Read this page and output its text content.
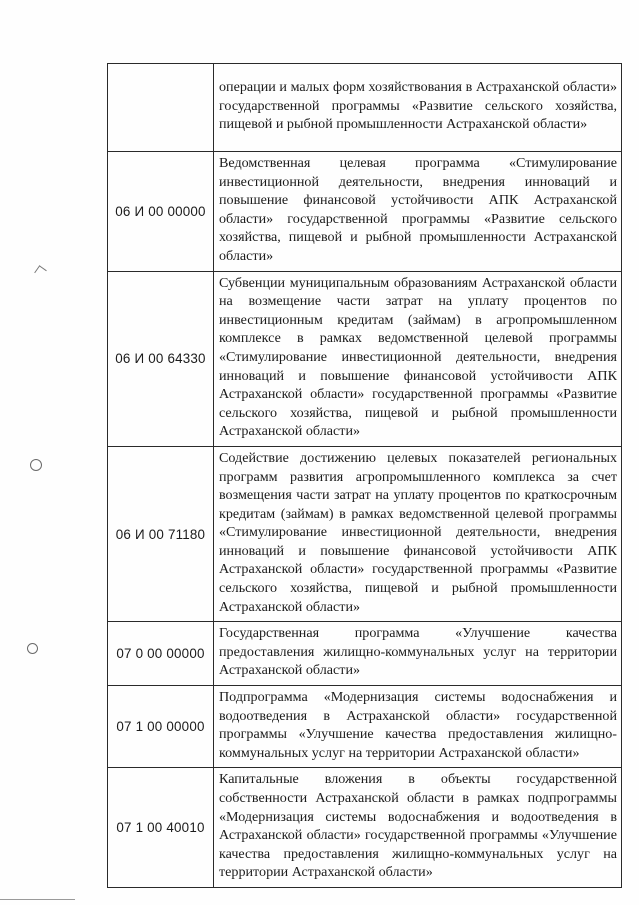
	операции и малых форм хозяйствования в Астраханской области» государственной программы «Развитие сельского хозяйства, пищевой и рыбной промышленности Астраханской области»
06 И 00 00000	Ведомственная целевая программа «Стимулирование инвестиционной деятельности, внедрения инноваций и повышение финансовой устойчивости АПК Астраханской области» государственной программы «Развитие сельского хозяйства, пищевой и рыбной промышленности Астраханской области»
06 И 00 64330	Субвенции муниципальным образованиям Астраханской области на возмещение части затрат на уплату процентов по инвестиционным кредитам (займам) в агропромышленном комплексе в рамках ведомственной целевой программы «Стимулирование инвестиционной деятельности, внедрения инноваций и повышение финансовой устойчивости АПК Астраханской области» государственной программы «Развитие сельского хозяйства, пищевой и рыбной промышленности Астраханской области»
06 И 00 71180	Содействие достижению целевых показателей региональных программ развития агропромышленного комплекса за счет возмещения части затрат на уплату процентов по краткосрочным кредитам (займам) в рамках ведомственной целевой программы «Стимулирование инвестиционной деятельности, внедрения инноваций и повышение финансовой устойчивости АПК Астраханской области» государственной программы «Развитие сельского хозяйства, пищевой и рыбной промышленности Астраханской области»
07 0 00 00000	Государственная программа «Улучшение качества предоставления жилищно-коммунальных услуг на территории Астраханской области»
07 1 00 00000	Подпрограмма «Модернизация системы водоснабжения и водоотведения в Астраханской области» государственной программы «Улучшение качества предоставления жилищно-коммунальных услуг на территории Астраханской области»
07 1 00 40010	Капитальные вложения в объекты государственной собственности Астраханской области в рамках подпрограммы «Модернизация системы водоснабжения и водоотведения в Астраханской области» государственной программы «Улучшение качества предоставления жилищно-коммунальных услуг на территории Астраханской области»
